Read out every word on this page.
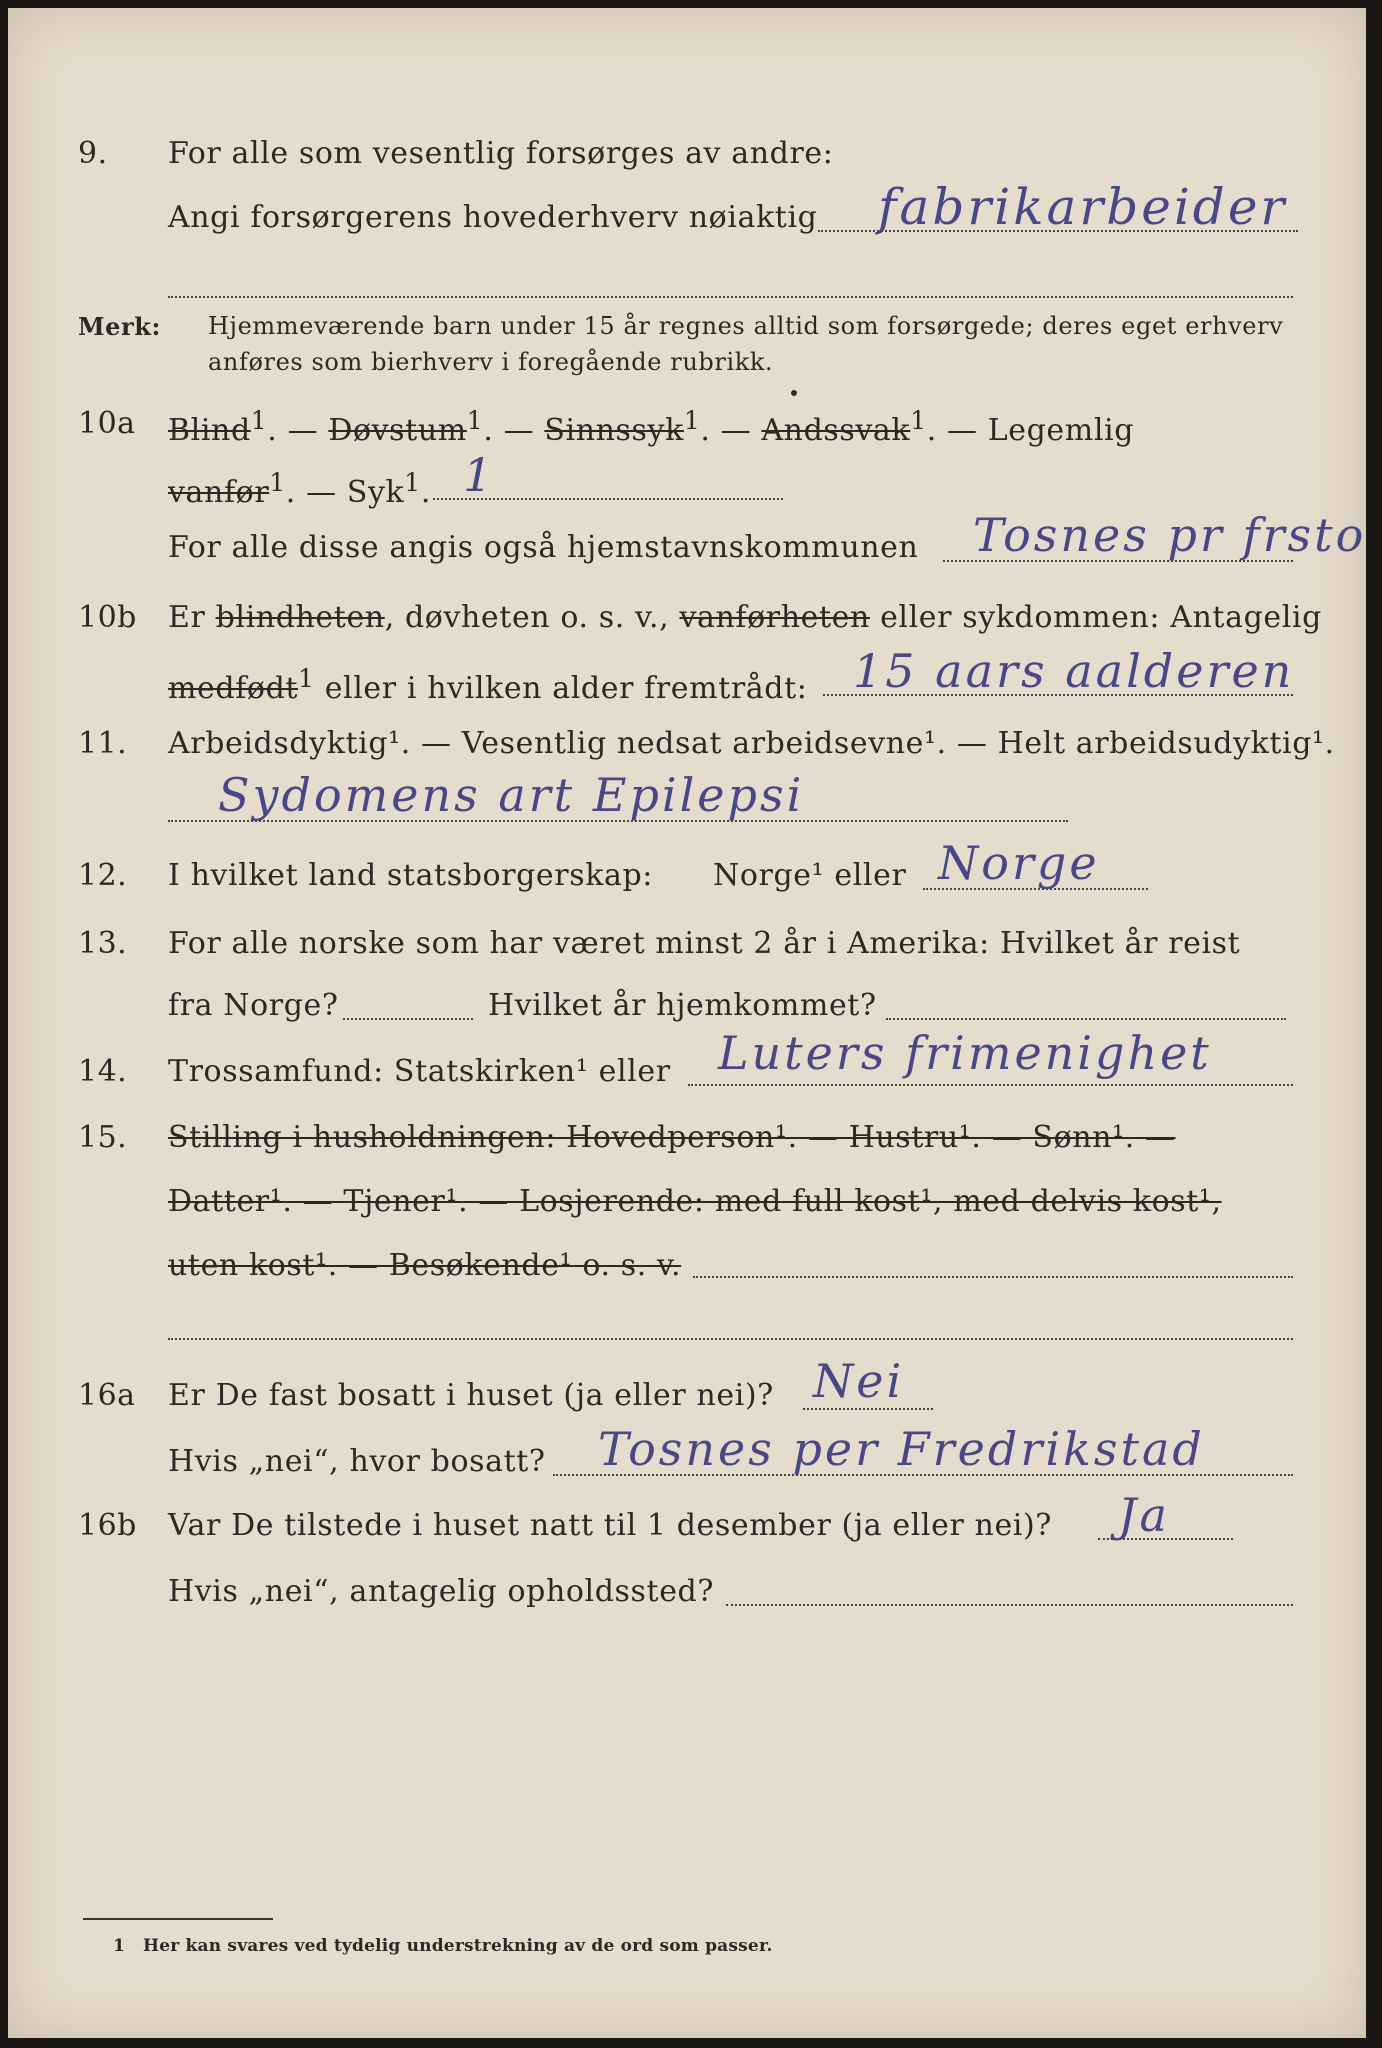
9. For alle som vesentlig forsørges av andre:
Angi forsørgerens hovederhverv nøiaktig fabrikarbeider
Merk: Hjemmeværende barn under 15 år regnes alltid som forsørgede; deres eget erhverv
anføres som bierhverv i foregående rubrikk.
10a Blind$^1$. — Døvstum$^1$. — Sinnssyk$^1$. — Andssvak$^1$. — Legemlig
vanfør$^1$. — Syk$^1$. 1
For alle disse angis også hjemstavnskommunen Tosnes pr frsto
10b Er blindheten, døvheten o. s. v., vanførheten eller sykdommen: Antagelig
medfødt$^1$ eller i hvilken alder fremtrådt: 15 aars aalderen
11. Arbeidsdyktig¹. — Vesentlig nedsat arbeidsevne¹. — Helt arbeidsudyktig¹.
Sydomens art Epilepsi
12. I hvilket land statsborgerskap: Norge¹ eller Norge
13. For alle norske som har været minst 2 år i Amerika: Hvilket år reist
fra Norge?	Hvilket år hjemkommet?
14. Trossamfund: Statskirken¹ eller Luters frimenighet
15. Stilling i husholdningen: Hovedperson¹. — Hustru¹. — Sønn¹. —
Datter¹. — Tjener¹. — Losjerende: med full kost¹, med delvis kost¹,
uten kost¹. — Besøkende¹ o. s. v.
16a Er De fast bosatt i huset (ja eller nei)? Nei
Hvis „nei“, hvor bosatt? Tosnes per Fredrikstad
16b Var De tilstede i huset natt til 1 desember (ja eller nei)? Ja
Hvis „nei“, antagelig opholdssted?
1 Her kan svares ved tydelig understrekning av de ord som passer.
